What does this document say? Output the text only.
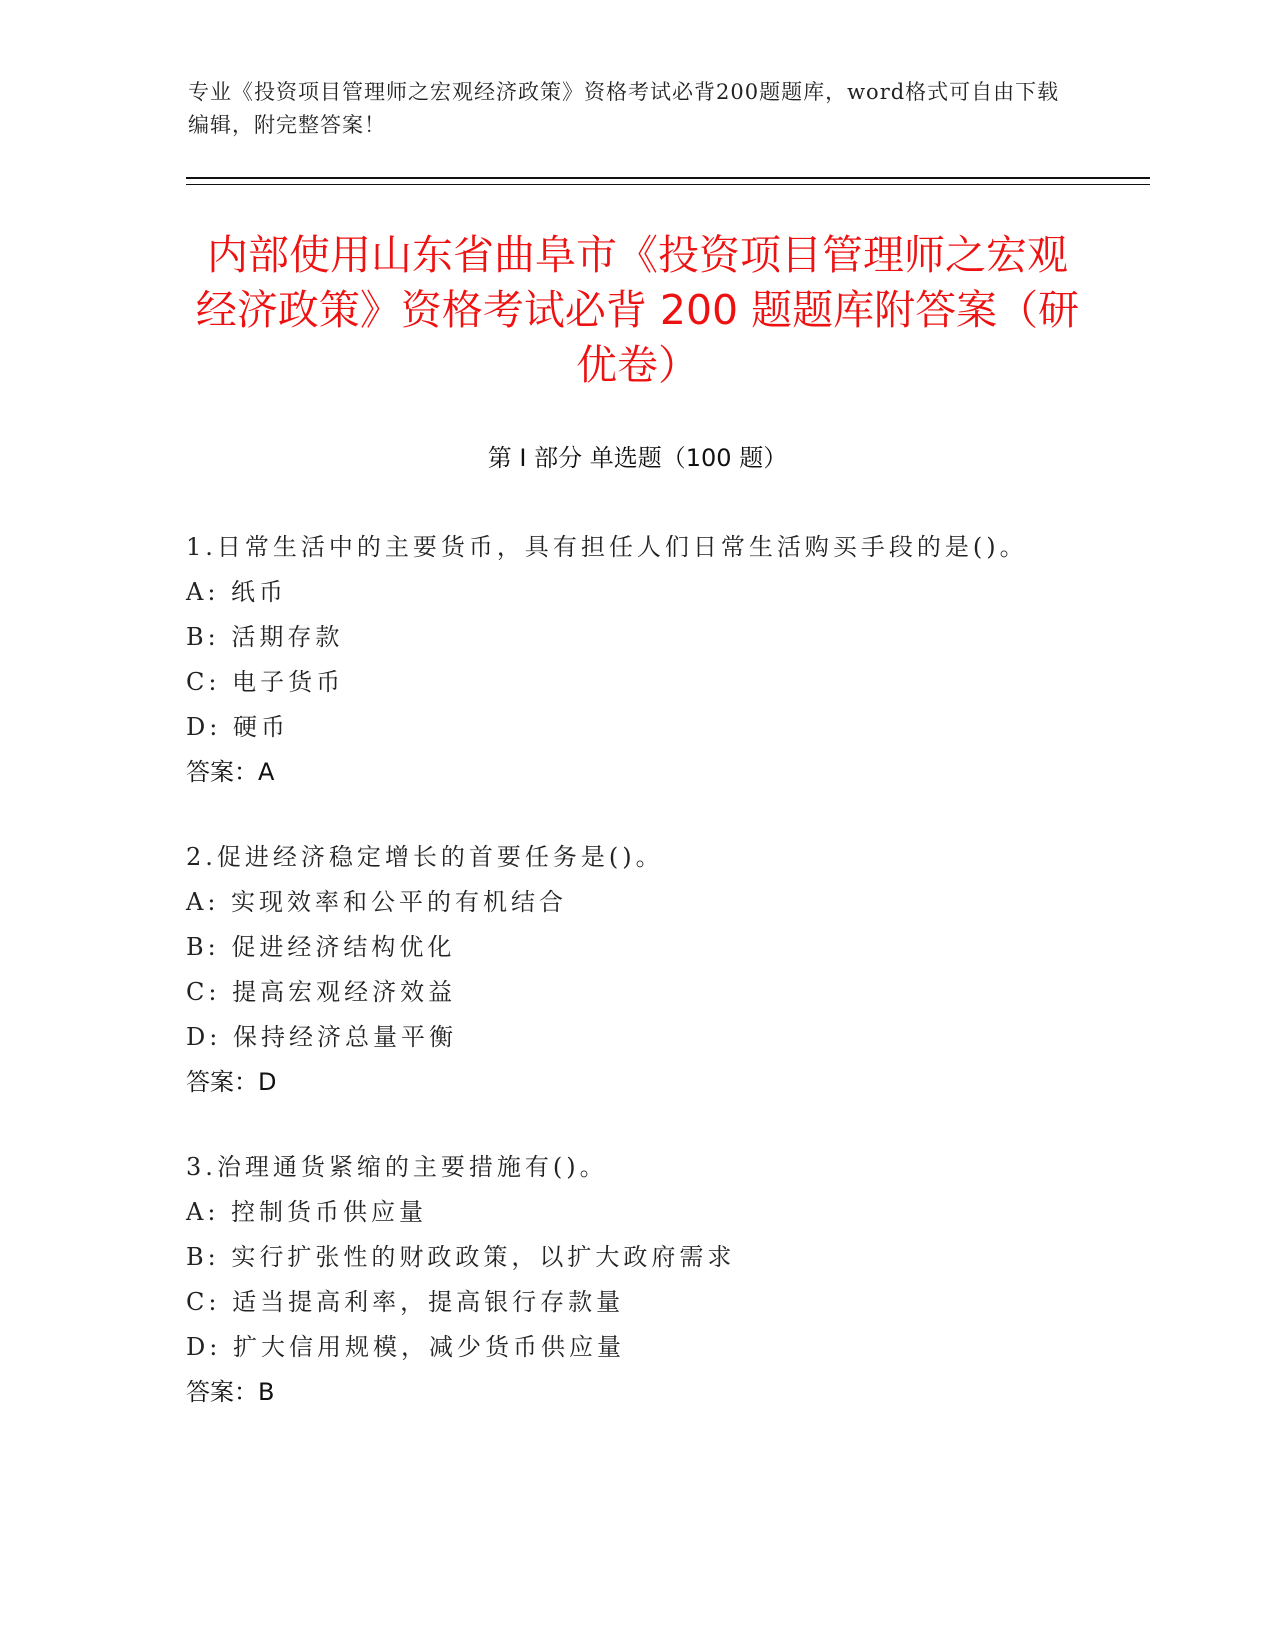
专业《投资项目管理师之宏观经济政策》资格考试必背200题题库，word格式可自由下载编辑，附完整答案！
内部使用山东省曲阜市《投资项目管理师之宏观经济政策》资格考试必背 200 题题库附答案（研优卷）
第 I 部分 单选题（100 题）
1.日常生活中的主要货币，具有担任人们日常生活购买手段的是()。
A: 纸币
B: 活期存款
C: 电子货币
D: 硬币
答案：A
2.促进经济稳定增长的首要任务是()。
A: 实现效率和公平的有机结合
B: 促进经济结构优化
C: 提高宏观经济效益
D: 保持经济总量平衡
答案：D
3.治理通货紧缩的主要措施有()。
A: 控制货币供应量
B: 实行扩张性的财政政策，以扩大政府需求
C: 适当提高利率，提高银行存款量
D: 扩大信用规模，减少货币供应量
答案：B
